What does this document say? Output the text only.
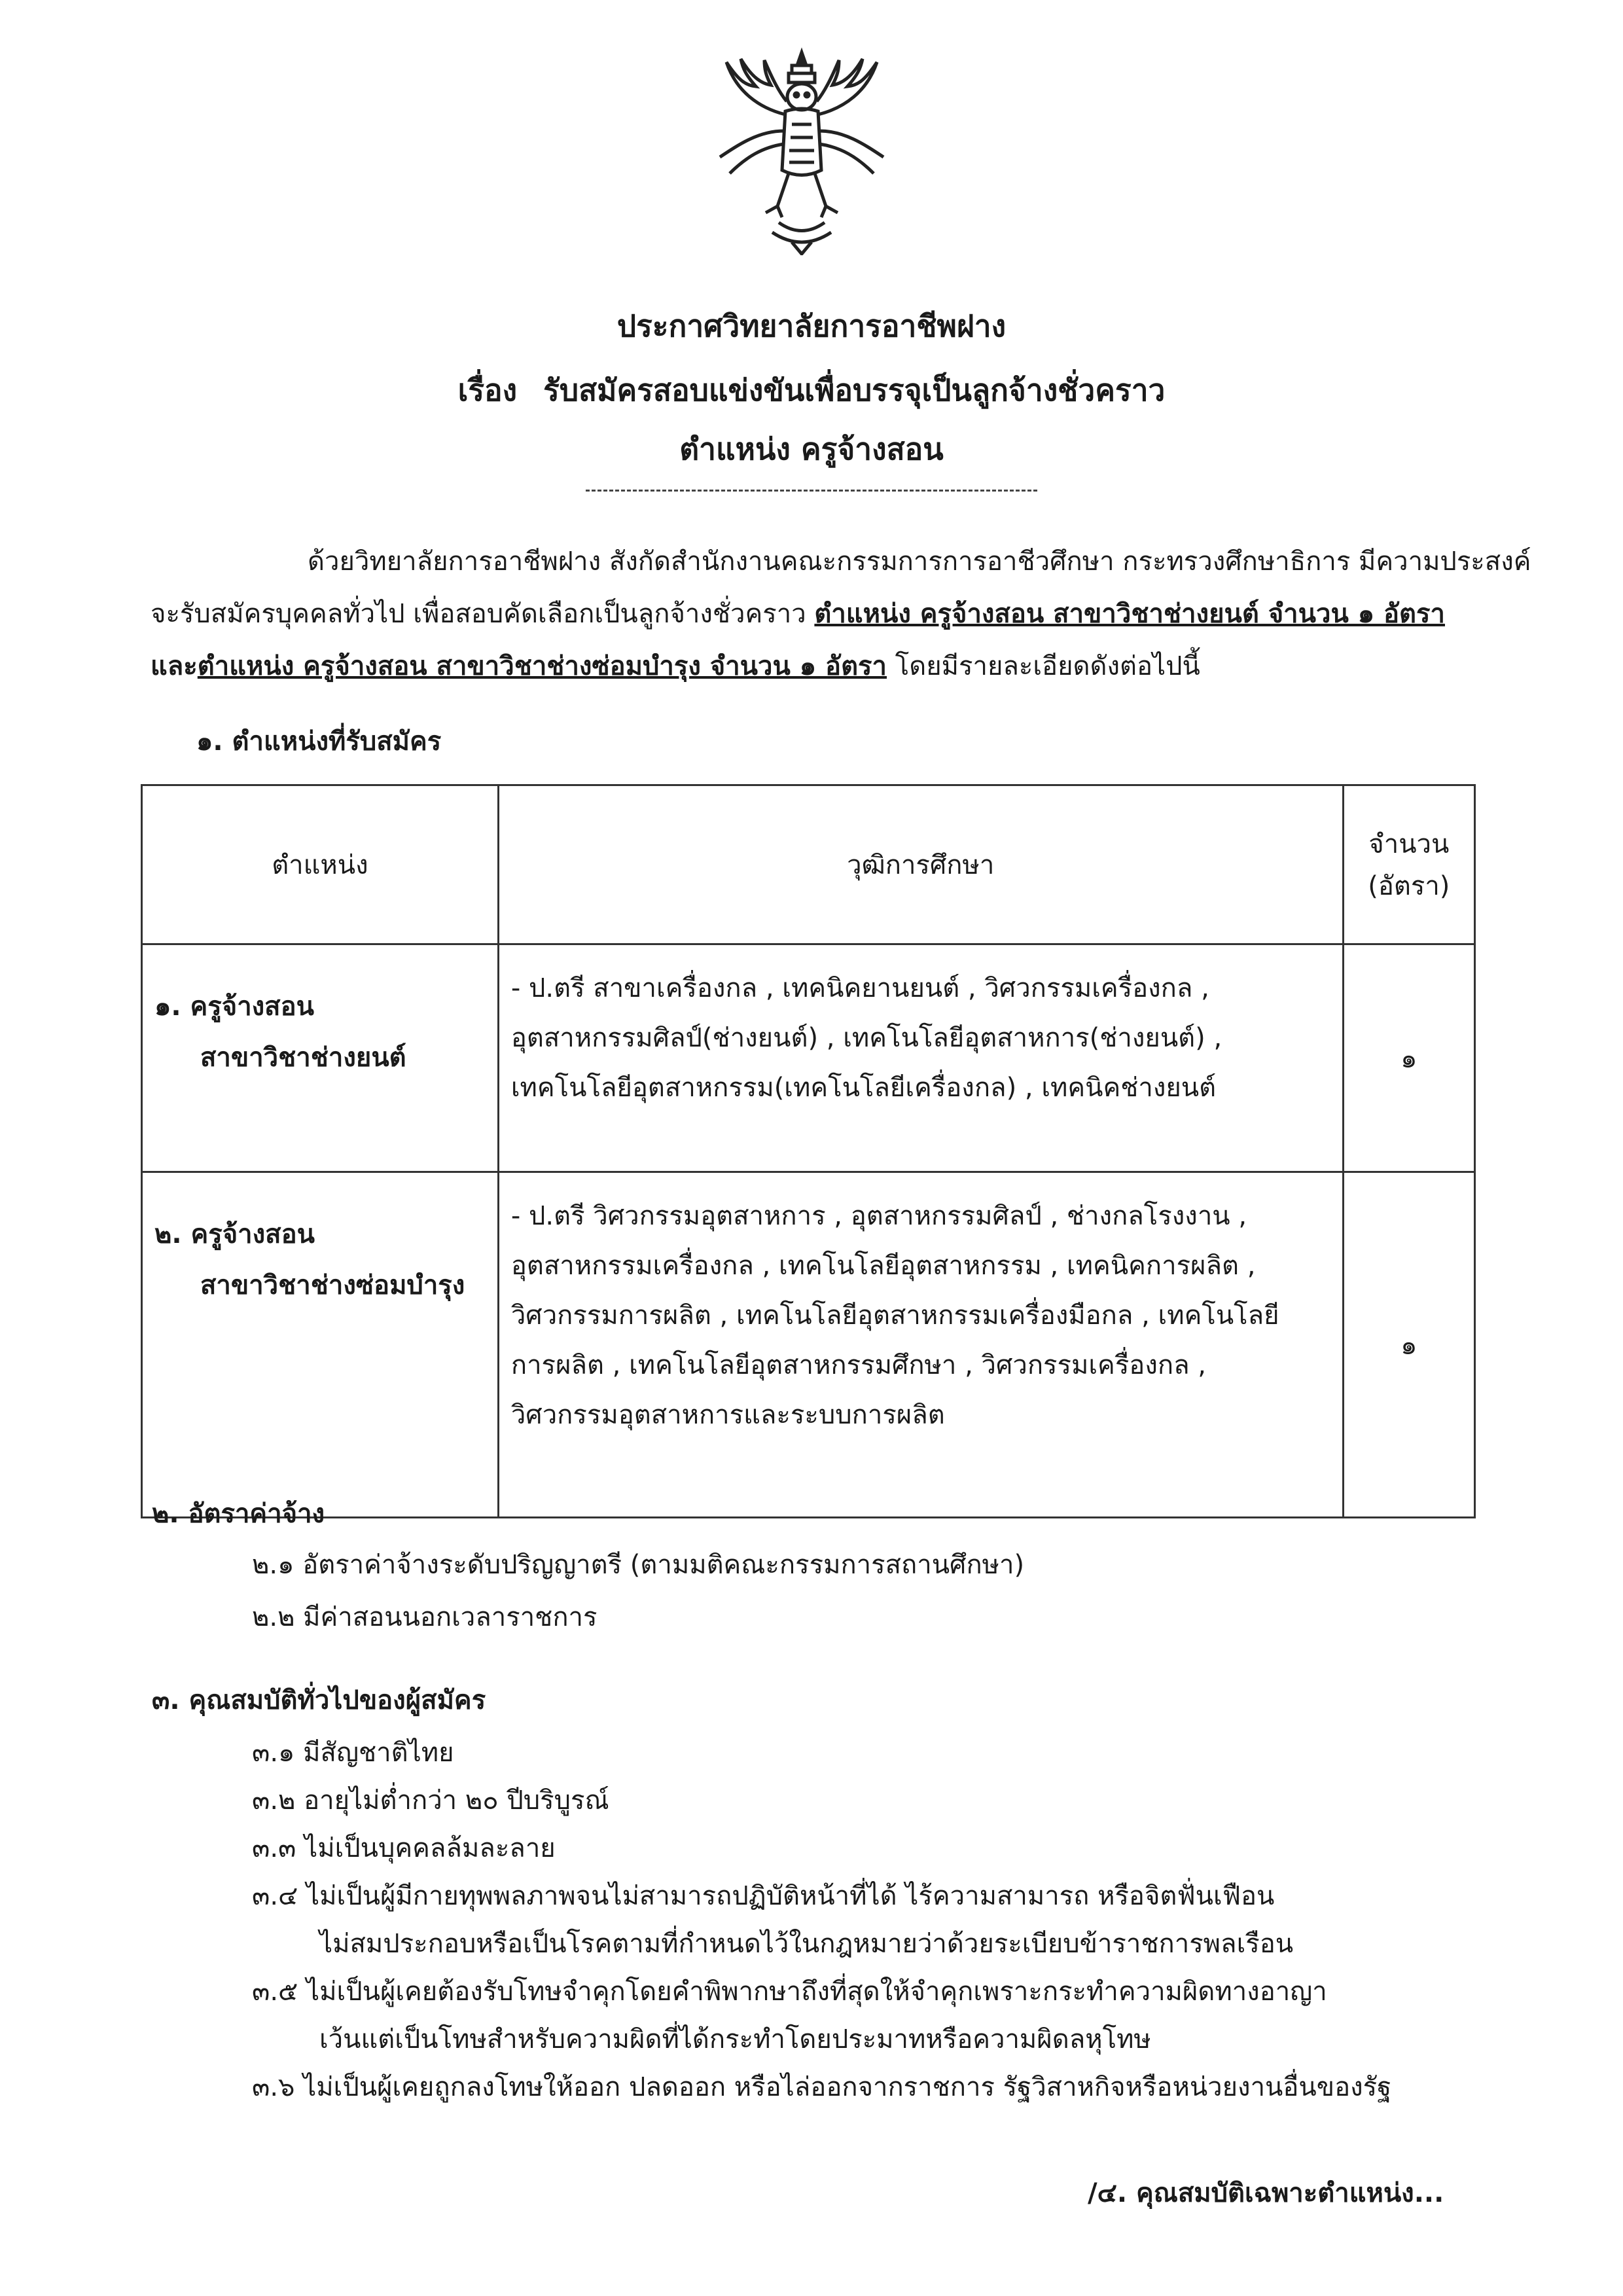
ประกาศวิทยาลัยการอาชีพฝาง
เรื่อง รับสมัครสอบแข่งขันเพื่อบรรจุเป็นลูกจ้างชั่วคราว
ตำแหน่ง ครูจ้างสอน
ด้วยวิทยาลัยการอาชีพฝาง สังกัดสำนักงานคณะกรรมการการอาชีวศึกษา กระทรวงศึกษาธิการ มีความประสงค์
จะรับสมัครบุคคลทั่วไป เพื่อสอบคัดเลือกเป็นลูกจ้างชั่วคราว ตำแหน่ง ครูจ้างสอน สาขาวิชาช่างยนต์ จำนวน ๑ อัตรา
และตำแหน่ง ครูจ้างสอน สาขาวิชาช่างซ่อมบำรุง จำนวน ๑ อัตรา โดยมีรายละเอียดดังต่อไปนี้
๑. ตำแหน่งที่รับสมัคร
ตำแหน่ง	วุฒิการศึกษา	จำนวน
(อัตรา)

๑. ครูจ้างสอน
สาขาวิชาช่างยนต์	- ป.ตรี สาขาเครื่องกล , เทคนิคยานยนต์ , วิศวกรรมเครื่องกล ,
อุตสาหกรรมศิลป์(ช่างยนต์) , เทคโนโลยีอุตสาหการ(ช่างยนต์) ,
เทคโนโลยีอุตสาหกรรม(เทคโนโลยีเครื่องกล) , เทคนิคช่างยนต์	๑
๒. ครูจ้างสอน
สาขาวิชาช่างซ่อมบำรุง	- ป.ตรี วิศวกรรมอุตสาหการ , อุตสาหกรรมศิลป์ , ช่างกลโรงงาน ,
อุตสาหกรรมเครื่องกล , เทคโนโลยีอุตสาหกรรม , เทคนิคการผลิต ,
วิศวกรรมการผลิต , เทคโนโลยีอุตสาหกรรมเครื่องมือกล , เทคโนโลยี
การผลิต , เทคโนโลยีอุตสาหกรรมศึกษา , วิศวกรรมเครื่องกล ,
วิศวกรรมอุตสาหการและระบบการผลิต	๑
๒. อัตราค่าจ้าง
๒.๑ อัตราค่าจ้างระดับปริญญาตรี (ตามมติคณะกรรมการสถานศึกษา)
๒.๒ มีค่าสอนนอกเวลาราชการ
๓. คุณสมบัติทั่วไปของผู้สมัคร
๓.๑ มีสัญชาติไทย
๓.๒ อายุไม่ต่ำกว่า ๒๐ ปีบริบูรณ์
๓.๓ ไม่เป็นบุคคลล้มละลาย
๓.๔ ไม่เป็นผู้มีกายทุพพลภาพจนไม่สามารถปฏิบัติหน้าที่ได้ ไร้ความสามารถ หรือจิตฟั่นเฟือน
ไม่สมประกอบหรือเป็นโรคตามที่กำหนดไว้ในกฎหมายว่าด้วยระเบียบข้าราชการพลเรือน
๓.๕ ไม่เป็นผู้เคยต้องรับโทษจำคุกโดยคำพิพากษาถึงที่สุดให้จำคุกเพราะกระทำความผิดทางอาญา
เว้นแต่เป็นโทษสำหรับความผิดที่ได้กระทำโดยประมาทหรือความผิดลหุโทษ
๓.๖ ไม่เป็นผู้เคยถูกลงโทษให้ออก ปลดออก หรือไล่ออกจากราชการ รัฐวิสาหกิจหรือหน่วยงานอื่นของรัฐ
/๔. คุณสมบัติเฉพาะตำแหน่ง...
